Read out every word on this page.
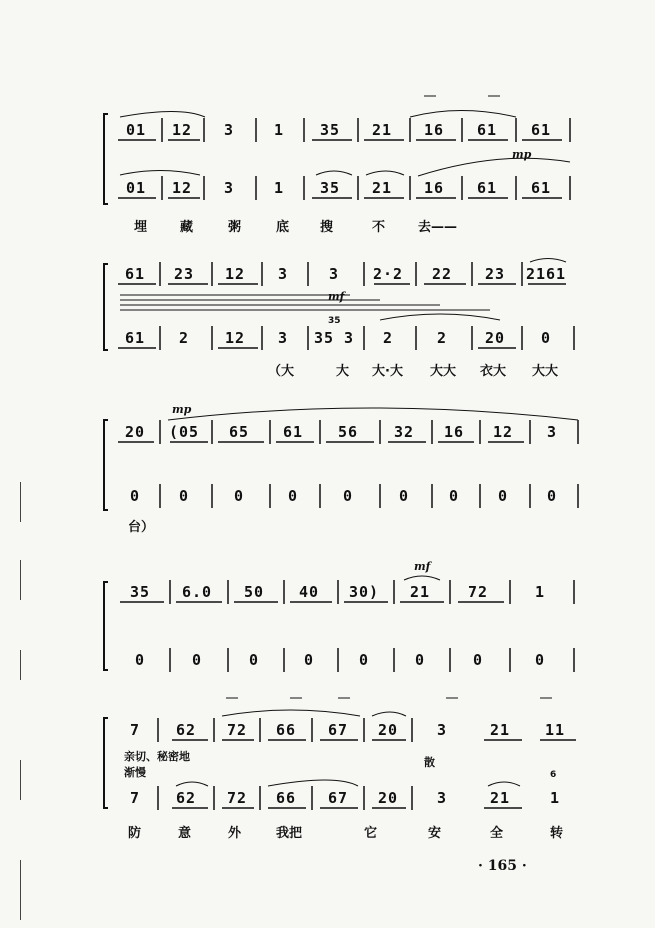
01	12	3	1	35	21	16	61	61
01	12	3	1	35	21	16	61	61
mp
埋	藏	粥	底 搜	不	去——
61	23	12	3	3	2·2	22	23	2161
mf
35
61	2	12	3	35 3	2	2	20	0
（大	大 大·大 大大 衣大 大大
mp
20	(05	65	61	56	32	16	12	3
0	0	0	0	0	0	0	0	0
台）
mf
35	6.0	50	40	30)	21	72	1
0	0	0	0	0	0	0	0
7	62	72	66	67	20	3	21	11
亲切、秘密地
渐慢
散
6
7	62	72	66	67	20	3	21	1
防	意	外	我把	它	安	全	转
· 165 ·
